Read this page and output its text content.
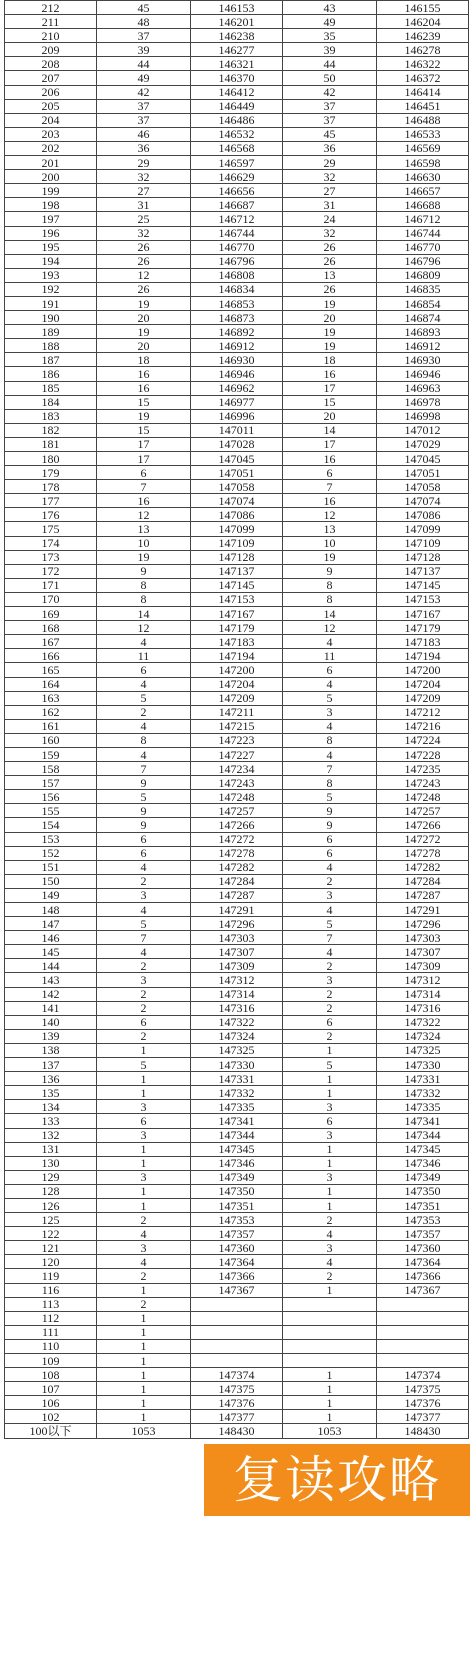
212	45	146153	43	146155
211	48	146201	49	146204
210	37	146238	35	146239
209	39	146277	39	146278
208	44	146321	44	146322
207	49	146370	50	146372
206	42	146412	42	146414
205	37	146449	37	146451
204	37	146486	37	146488
203	46	146532	45	146533
202	36	146568	36	146569
201	29	146597	29	146598
200	32	146629	32	146630
199	27	146656	27	146657
198	31	146687	31	146688
197	25	146712	24	146712
196	32	146744	32	146744
195	26	146770	26	146770
194	26	146796	26	146796
193	12	146808	13	146809
192	26	146834	26	146835
191	19	146853	19	146854
190	20	146873	20	146874
189	19	146892	19	146893
188	20	146912	19	146912
187	18	146930	18	146930
186	16	146946	16	146946
185	16	146962	17	146963
184	15	146977	15	146978
183	19	146996	20	146998
182	15	147011	14	147012
181	17	147028	17	147029
180	17	147045	16	147045
179	6	147051	6	147051
178	7	147058	7	147058
177	16	147074	16	147074
176	12	147086	12	147086
175	13	147099	13	147099
174	10	147109	10	147109
173	19	147128	19	147128
172	9	147137	9	147137
171	8	147145	8	147145
170	8	147153	8	147153
169	14	147167	14	147167
168	12	147179	12	147179
167	4	147183	4	147183
166	11	147194	11	147194
165	6	147200	6	147200
164	4	147204	4	147204
163	5	147209	5	147209
162	2	147211	3	147212
161	4	147215	4	147216
160	8	147223	8	147224
159	4	147227	4	147228
158	7	147234	7	147235
157	9	147243	8	147243
156	5	147248	5	147248
155	9	147257	9	147257
154	9	147266	9	147266
153	6	147272	6	147272
152	6	147278	6	147278
151	4	147282	4	147282
150	2	147284	2	147284
149	3	147287	3	147287
148	4	147291	4	147291
147	5	147296	5	147296
146	7	147303	7	147303
145	4	147307	4	147307
144	2	147309	2	147309
143	3	147312	3	147312
142	2	147314	2	147314
141	2	147316	2	147316
140	6	147322	6	147322
139	2	147324	2	147324
138	1	147325	1	147325
137	5	147330	5	147330
136	1	147331	1	147331
135	1	147332	1	147332
134	3	147335	3	147335
133	6	147341	6	147341
132	3	147344	3	147344
131	1	147345	1	147345
130	1	147346	1	147346
129	3	147349	3	147349
128	1	147350	1	147350
126	1	147351	1	147351
125	2	147353	2	147353
122	4	147357	4	147357
121	3	147360	3	147360
120	4	147364	4	147364
119	2	147366	2	147366
116	1	147367	1	147367
113	2			
112	1			
111	1			
110	1			
109	1			
108	1	147374	1	147374
107	1	147375	1	147375
106	1	147376	1	147376
102	1	147377	1	147377
100以下	1053	148430	1053	148430
复读攻略
